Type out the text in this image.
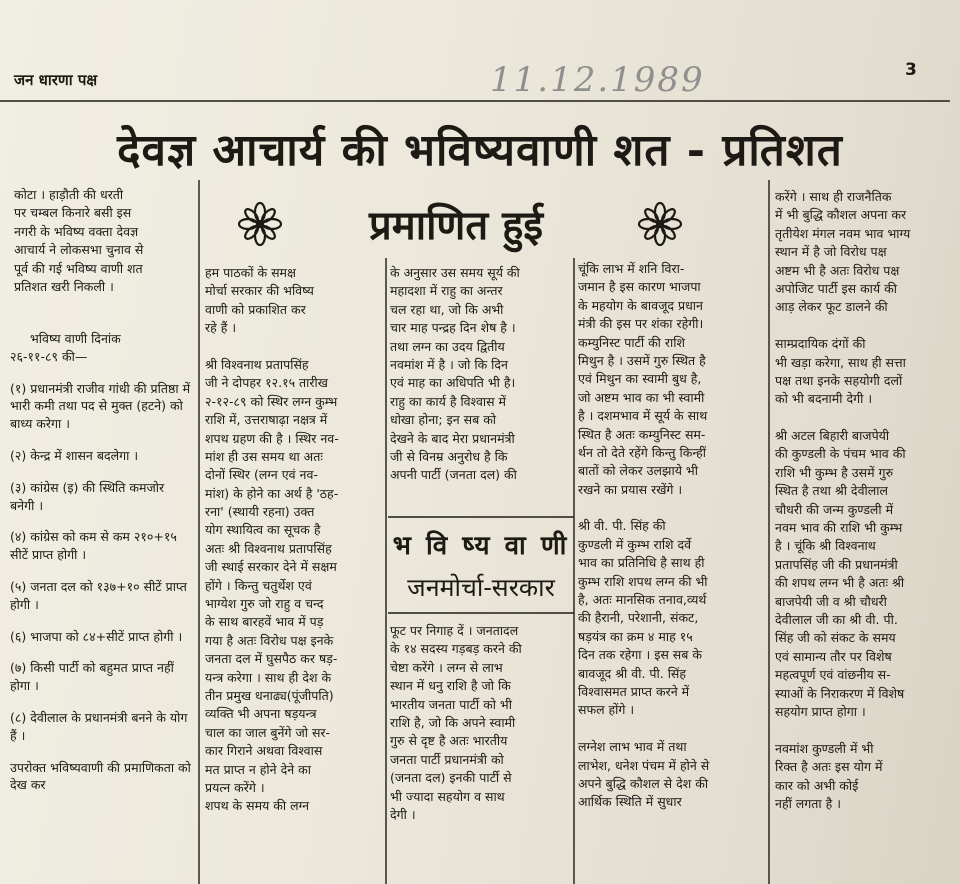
जन धारणा पक्ष	11.12.1989	3
देवज्ञ आचार्य की भविष्यवाणी शत - प्रतिशत
प्रमाणित हुई
कोटा । हाड़ौती की धरती
पर चम्बल किनारे बसी इस
नगरी के भविष्य वक्ता देवज्ञ
आचार्य ने लोकसभा चुनाव से
पूर्व की गई भविष्य वाणी शत
प्रतिशत खरी निकली ।
भविष्य वाणी दिनांक
२६-११-८९ की—
(१) प्रधानमंत्री राजीव गांधी की प्रतिष्ठा में भारी कमी तथा पद से मुक्त (हटने) को बाध्य करेगा ।
(२) केन्द्र में शासन बदलेगा ।
(३) कांग्रेस (इ) की स्थिति कमजोर बनेगी ।
(४) कांग्रेस को कम से कम २१०+१५ सीटें प्राप्त होगी ।
(५) जनता दल को १३७+१० सीटें प्राप्त होगी ।
(६) भाजपा को ८४+सीटें प्राप्त होगी ।
(७) किसी पार्टी को बहुमत प्राप्त नहीं होगा ।
(८) देवीलाल के प्रधानमंत्री बनने के योग हैं ।
उपरोक्त भविष्यवाणी की प्रमाणिकता को देख कर
हम पाठकों के समक्ष
मोर्चा सरकार की भविष्य
वाणी को प्रकाशित कर
रहे हैं ।
श्री विश्वनाथ प्रतापसिंह
जी ने दोपहर १२.१५ तारीख
२-१२-८९ को स्थिर लग्न कुम्भ
राशि में, उत्तराषाढ़ा नक्षत्र में
शपथ ग्रहण की है । स्थिर नव-
मांश ही उस समय था अतः
दोनों स्थिर (लग्न एवं नव-
मांश) के होने का अर्थ है 'ठह-
रना' (स्थायी रहना) उक्त
योग स्थायित्व का सूचक है
अतः श्री विश्वनाथ प्रतापसिंह
जी स्थाई सरकार देने में सक्षम
होंगे । किन्तु चतुर्थेश एवं
भाग्येश गुरु जो राहु व चन्द
के साथ बारहवें भाव में पड़
गया है अतः विरोध पक्ष इनके
जनता दल में घुसपैठ कर षड़-
यन्त्र करेगा । साथ ही देश के
तीन प्रमुख धनाढ्य(पूंजीपति)
व्यक्ति भी अपना षड़यन्त्र
चाल का जाल बुनेंगे जो सर-
कार गिराने अथवा विश्वास
मत प्राप्त न होने देने का
प्रयत्न करेंगे ।
शपथ के समय की लग्न
के अनुसार उस समय सूर्य की
महादशा में राहु का अन्तर
चल रहा था, जो कि अभी
चार माह पन्द्रह दिन शेष है ।
तथा लग्न का उदय द्वितीय
नवमांश में है । जो कि दिन
एवं माह का अधिपति भी है।
राहु का कार्य है विश्वास में
धोखा होना; इन सब को
देखने के बाद मेरा प्रधानमंत्री
जी से विनम्र अनुरोध है कि
अपनी पार्टी (जनता दल) की
भ वि ष्य वा णी
जनमोर्चा-सरकार
फूट पर निगाह दें । जनतादल
के १४ सदस्य गड़बड़ करने की
चेष्टा करेंगे । लग्न से लाभ
स्थान में धनु राशि है जो कि
भारतीय जनता पार्टी को भी
राशि है, जो कि अपने स्वामी
गुरु से दृष्ट है अतः भारतीय
जनता पार्टी प्रधानमंत्री को
(जनता दल) इनकी पार्टी से
भी ज्यादा सहयोग व साथ
देगी ।
चूंकि लाभ में शनि विरा-
जमान है इस कारण भाजपा
के महयोग के बावजूद प्रधान
मंत्री की इस पर शंका रहेगी।
कम्युनिस्ट पार्टी की राशि
मिथुन है । उसमें गुरु स्थित है
एवं मिथुन का स्वामी बुध है,
जो अष्टम भाव का भी स्वामी
है । दशमभाव में सूर्य के साथ
स्थित है अतः कम्युनिस्ट सम-
र्थन तो देते रहेंगे किन्तु किन्हीं
बातों को लेकर उलझाये भी
रखने का प्रयास रखेंगे ।
श्री वी. पी. सिंह की
कुण्डली में कुम्भ राशि दर्वे
भाव का प्रतिनिधि है साथ ही
कुम्भ राशि शपथ लग्न की भी
है, अतः मानसिक तनाव,व्यर्थ
की हैरानी, परेशानी, संकट,
षड़यंत्र का क्रम ४ माह १५
दिन तक रहेगा । इस सब के
बावजूद श्री वी. पी. सिंह
विश्वासमत प्राप्त करने में
सफल होंगे ।
लग्नेश लाभ भाव में तथा
लाभेश, धनेश पंचम में होने से
अपने बुद्धि कौशल से देश की
आर्थिक स्थिति में सुधार
करेंगे । साथ ही राजनैतिक
में भी बुद्धि कौशल अपना कर
तृतीयेश मंगल नवम भाव भाग्य
स्थान में है जो विरोध पक्ष
अष्टम भी है अतः विरोध पक्ष
अपोजिट पार्टी इस कार्य की
आड़ लेकर फूट डालने की
साम्प्रदायिक दंगों की
भी खड़ा करेगा, साथ ही सत्ता
पक्ष तथा इनके सहयोगी दलों
को भी बदनामी देगी ।
श्री अटल बिहारी बाजपेयी
की कुण्डली के पंचम भाव की
राशि भी कुम्भ है उसमें गुरु
स्थित है तथा श्री देवीलाल
चौधरी की जन्म कुण्डली में
नवम भाव की राशि भी कुम्भ
है । चूंकि श्री विश्वनाथ
प्रतापसिंह जी की प्रधानमंत्री
की शपथ लग्न भी है अतः श्री
बाजपेयी जी व श्री चौधरी
देवीलाल जी का श्री वी. पी.
सिंह जी को संकट के समय
एवं सामान्य तौर पर विशेष
महत्वपूर्ण एवं वांछनीय स-
स्याओं के निराकरण में विशेष
सहयोग प्राप्त होगा ।
नवमांश कुण्डली में भी
रिक्त है अतः इस योग में
कार को अभी कोई
नहीं लगता है ।
